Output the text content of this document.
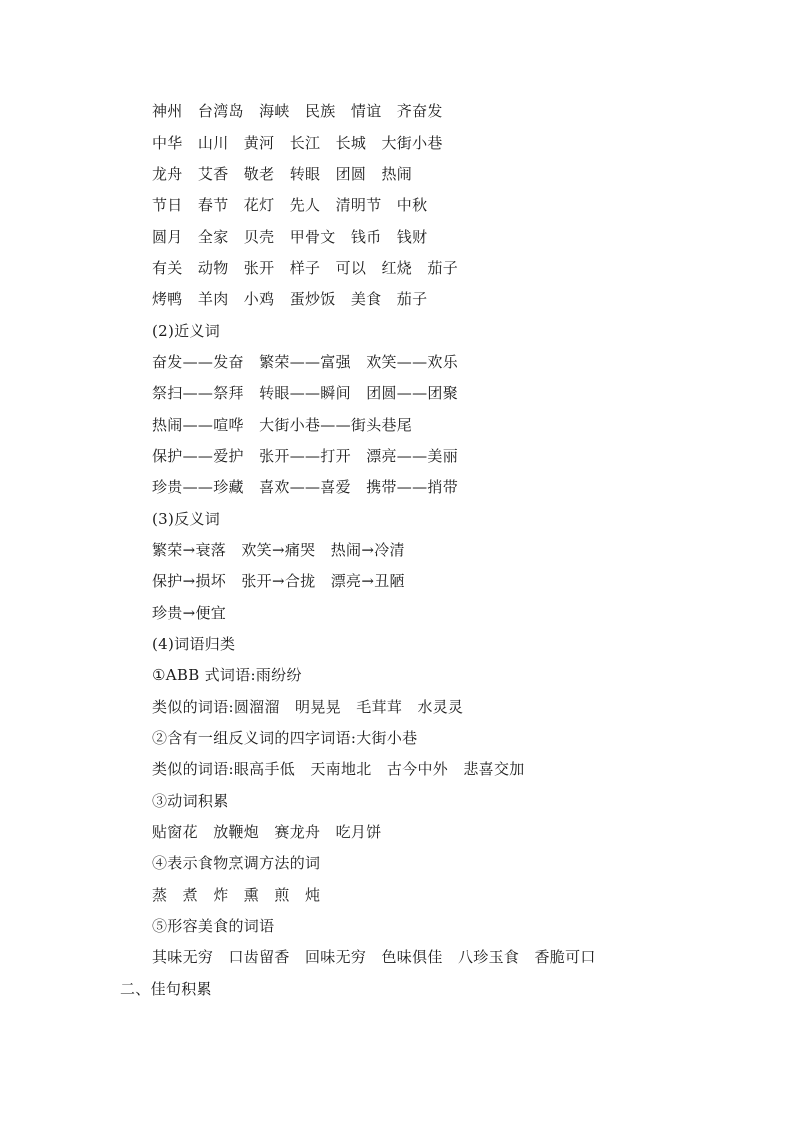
神州　台湾岛　海峡　民族　情谊　齐奋发
中华　山川　黄河　长江　长城　大街小巷
龙舟　艾香　敬老　转眼　团圆　热闹
节日　春节　花灯　先人　清明节　中秋
圆月　全家　贝壳　甲骨文　钱币　钱财
有关　动物　张开　样子　可以　红烧　茄子
烤鸭　羊肉　小鸡　蛋炒饭　美食　茄子
(2)近义词
奋发——发奋　繁荣——富强　欢笑——欢乐
祭扫——祭拜　转眼——瞬间　团圆——团聚
热闹——喧哗　大街小巷——街头巷尾
保护——爱护　张开——打开　漂亮——美丽
珍贵——珍藏　喜欢——喜爱　携带——捎带
(3)反义词
繁荣→衰落　欢笑→痛哭　热闹→冷清
保护→损坏　张开→合拢　漂亮→丑陋
珍贵→便宜
(4)词语归类
①ABB 式词语:雨纷纷
类似的词语:圆溜溜　明晃晃　毛茸茸　水灵灵
②含有一组反义词的四字词语:大街小巷
类似的词语:眼高手低　天南地北　古今中外　悲喜交加
③动词积累
贴窗花　放鞭炮　赛龙舟　吃月饼
④表示食物烹调方法的词
蒸　煮　炸　熏　煎　炖
⑤形容美食的词语
其味无穷　口齿留香　回味无穷　色味俱佳　八珍玉食　香脆可口
二、佳句积累
